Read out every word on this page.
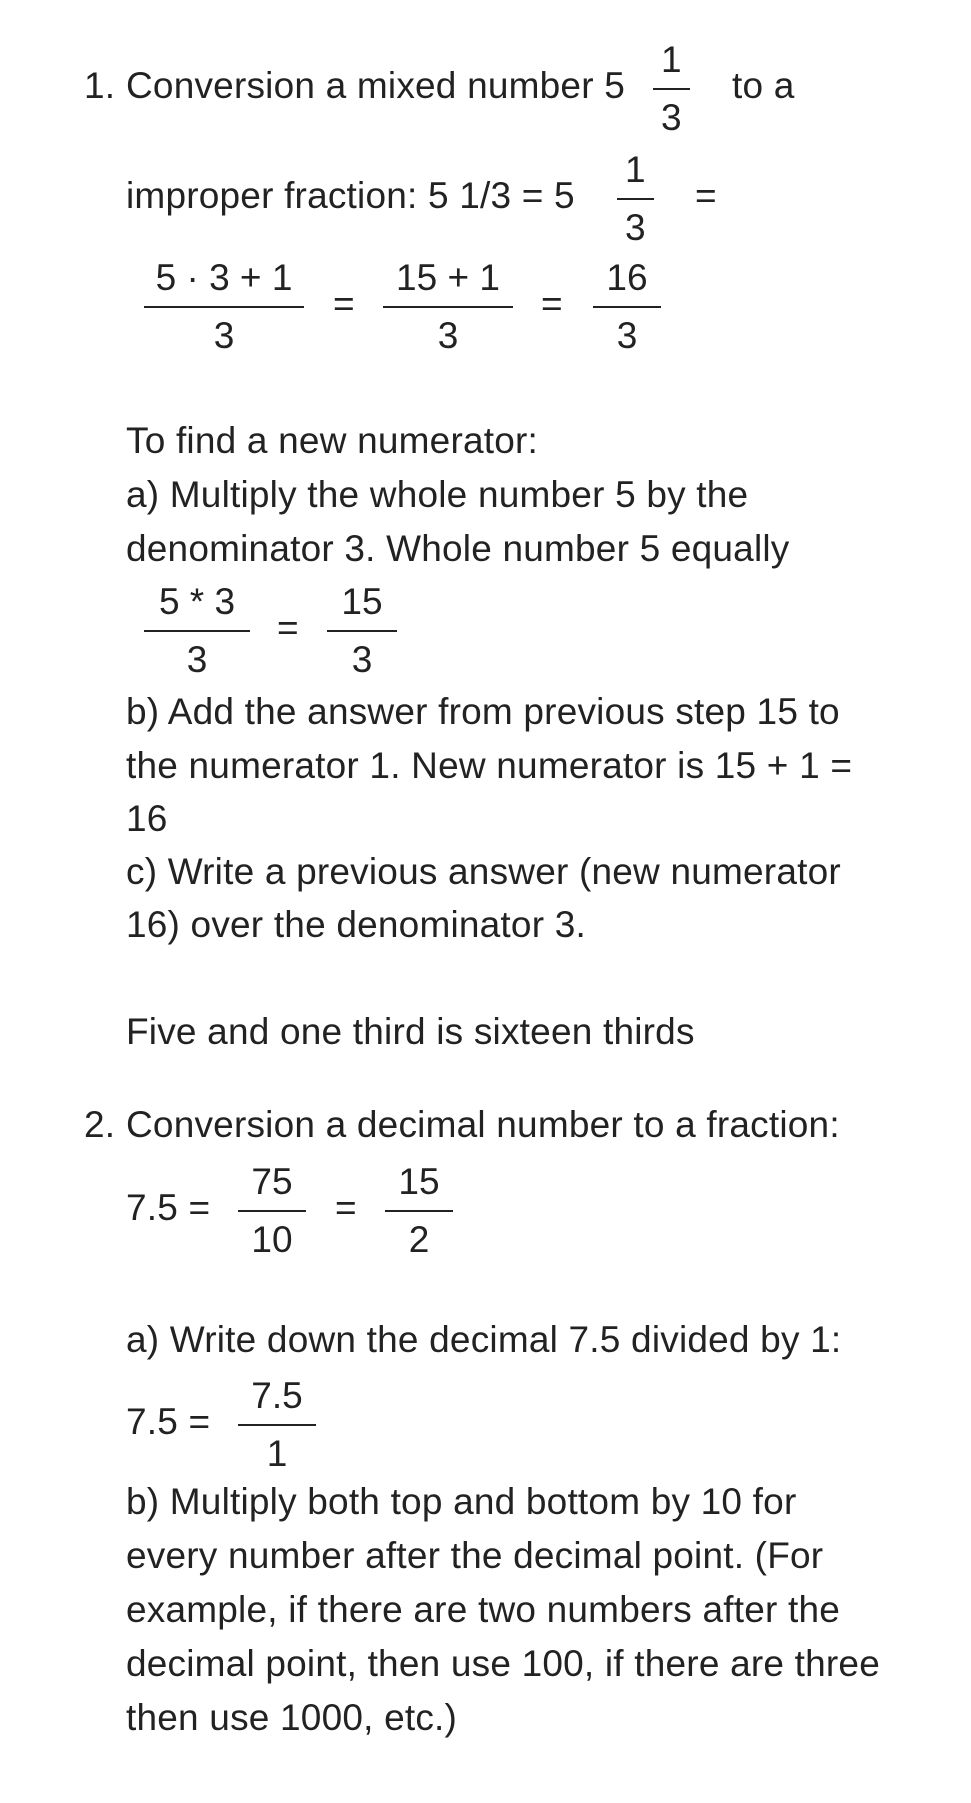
1. Conversion a mixed number 5
1
3
to a
improper fraction: 5 1/3 = 5
1
3
=
5 · 3 + 1
3
=
15 + 1
3
=
16
3
To find a new numerator:
a) Multiply the whole number 5 by the
denominator 3. Whole number 5 equally
5 * 3
3
=
15
3
b) Add the answer from previous step 15 to
the numerator 1. New numerator is 15 + 1 =
16
c) Write a previous answer (new numerator
16) over the denominator 3.
Five and one third is sixteen thirds
2. Conversion a decimal number to a fraction:
7.5 =
75
10
=
15
2
a) Write down the decimal 7.5 divided by 1:
7.5 =
7.5
1
b) Multiply both top and bottom by 10 for
every number after the decimal point. (For
example, if there are two numbers after the
decimal point, then use 100, if there are three
then use 1000, etc.)
